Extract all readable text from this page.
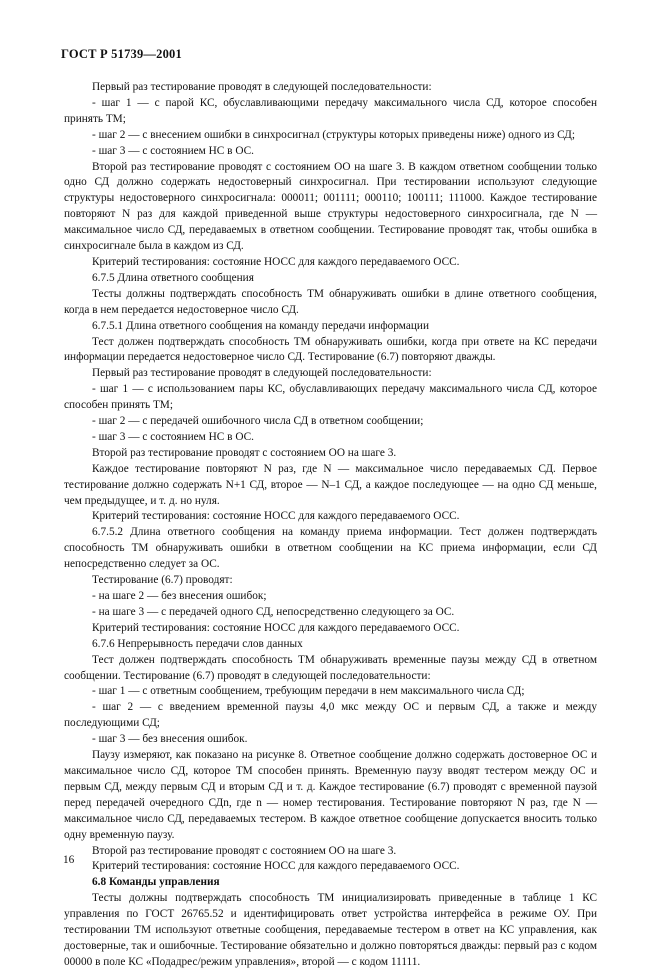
ГОСТ Р 51739—2001

Первый раз тестирование проводят в следующей последовательности:

- шаг 1 — с парой КС, обуславливающими передачу максимального числа СД, которое способен принять ТМ;

- шаг 2 — с внесением ошибки в синхросигнал (структуры которых приведены ниже) одного из СД;

- шаг 3 — с состоянием НС в ОС.

Второй раз тестирование проводят с состоянием ОО на шаге 3. В каждом ответном сообщении только одно СД должно содержать недостоверный синхросигнал. При тестировании используют следующие структуры недостоверного синхросигнала: 000011; 001111; 000110; 100111; 111000. Каждое тестирование повторяют N раз для каждой приведенной выше структуры недостоверного синхросигнала, где N — максимальное число СД, передаваемых в ответном сообщении. Тестирование проводят так, чтобы ошибка в синхросигнале была в каждом из СД.

Критерий тестирования: состояние НОСС для каждого передаваемого ОСС.

6.7.5 Длина ответного сообщения

Тесты должны подтверждать способность ТМ обнаруживать ошибки в длине ответного сообщения, когда в нем передается недостоверное число СД.

6.7.5.1 Длина ответного сообщения на команду передачи информации

Тест должен подтверждать способность ТМ обнаруживать ошибки, когда при ответе на КС передачи информации передается недостоверное число СД. Тестирование (6.7) повторяют дважды.

Первый раз тестирование проводят в следующей последовательности:

- шаг 1 — с использованием пары КС, обуславливающих передачу максимального числа СД, которое способен принять ТМ;

- шаг 2 — с передачей ошибочного числа СД в ответном сообщении;

- шаг 3 — с состоянием НС в ОС.

Второй раз тестирование проводят с состоянием ОО на шаге 3.

Каждое тестирование повторяют N раз, где N — максимальное число передаваемых СД. Первое тестирование должно содержать N+1 СД, второе — N–1 СД, а каждое последующее — на одно СД меньше, чем предыдущее, и т. д. но нуля.

Критерий тестирования: состояние НОСС для каждого передаваемого ОСС.

6.7.5.2 Длина ответного сообщения на команду приема информации. Тест должен подтверждать способность ТМ обнаруживать ошибки в ответном сообщении на КС приема информации, если СД непосредственно следует за ОС.

Тестирование (6.7) проводят:

- на шаге 2 — без внесения ошибок;

- на шаге 3 — с передачей одного СД, непосредственно следующего за ОС.

Критерий тестирования: состояние НОСС для каждого передаваемого ОСС.

6.7.6 Непрерывность передачи слов данных

Тест должен подтверждать способность ТМ обнаруживать временные паузы между СД в ответном сообщении. Тестирование (6.7) проводят в следующей последовательности:

- шаг 1 — с ответным сообщением, требующим передачи в нем максимального числа СД;

- шаг 2 — с введением временной паузы 4,0 мкс между ОС и первым СД, а также и между последующими СД;

- шаг 3 — без внесения ошибок.

Паузу измеряют, как показано на рисунке 8. Ответное сообщение должно содержать достоверное ОС и максимальное число СД, которое ТМ способен принять. Временную паузу вводят тестером между ОС и первым СД, между первым СД и вторым СД и т. д. Каждое тестирование (6.7) проводят с временной паузой перед передачей очередного СДn, где n — номер тестирования. Тестирование повторяют N раз, где N — максимальное число СД, передаваемых тестером. В каждое ответное сообщение допускается вносить только одну временную паузу.

Второй раз тестирование проводят с состоянием ОО на шаге 3.

Критерий тестирования: состояние НОСС для каждого передаваемого ОСС.

6.8 Команды управления

Тесты должны подтверждать способность ТМ инициализировать приведенные в таблице 1 КС управления по ГОСТ 26765.52 и идентифицировать ответ устройства интерфейса в режиме ОУ. При тестировании ТМ используют ответные сообщения, передаваемые тестером в ответ на КС управления, как достоверные, так и ошибочные. Тестирование обязательно и должно повторяться дважды: первый раз с кодом 00000 в поле КС «Подадрес/режим управления», второй — с кодом 11111.

16
